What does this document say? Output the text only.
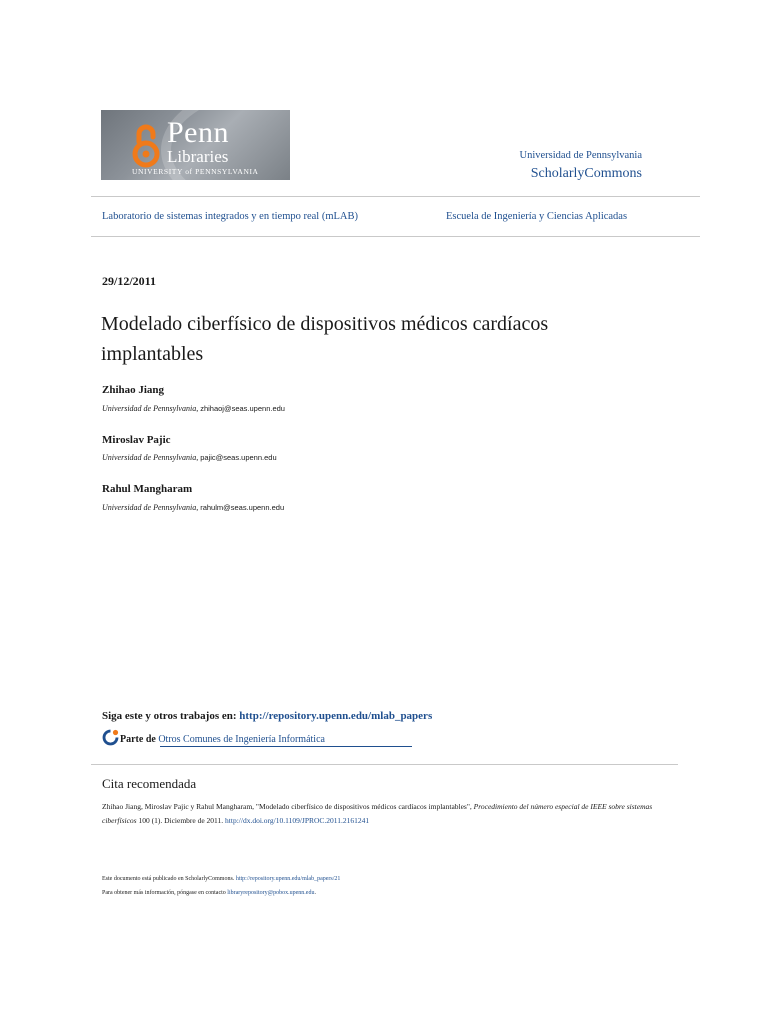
Penn
Libraries
UNIVERSITY of PENNSYLVANIA
Universidad de Pennsylvania
ScholarlyCommons
Laboratorio de sistemas integrados y en tiempo real (mLAB)	Escuela de Ingeniería y Ciencias Aplicadas
29/12/2011
Modelado ciberfísico de dispositivos médicos cardíacos implantables
Zhihao Jiang
Universidad de Pennsylvania, zhihaoj@seas.upenn.edu
Miroslav Pajic
Universidad de Pennsylvania, pajic@seas.upenn.edu
Rahul Mangharam
Universidad de Pennsylvania, rahulm@seas.upenn.edu
Siga este y otros trabajos en: http://repository.upenn.edu/mlab_papers
Parte de Otros Comunes de Ingeniería Informática
Cita recomendada
Zhihao Jiang, Miroslav Pajic y Rahul Mangharam, "Modelado ciberfísico de dispositivos médicos cardíacos implantables", Procedimiento del número especial de IEEE sobre sistemas ciberfísicos 100 (1). Diciembre de 2011. http://dx.doi.org/10.1109/JPROC.2011.2161241
Este documento está publicado en ScholarlyCommons. http://repository.upenn.edu/mlab_papers/21
Para obtener más información, póngase en contacto libraryrepository@pobox.upenn.edu.
